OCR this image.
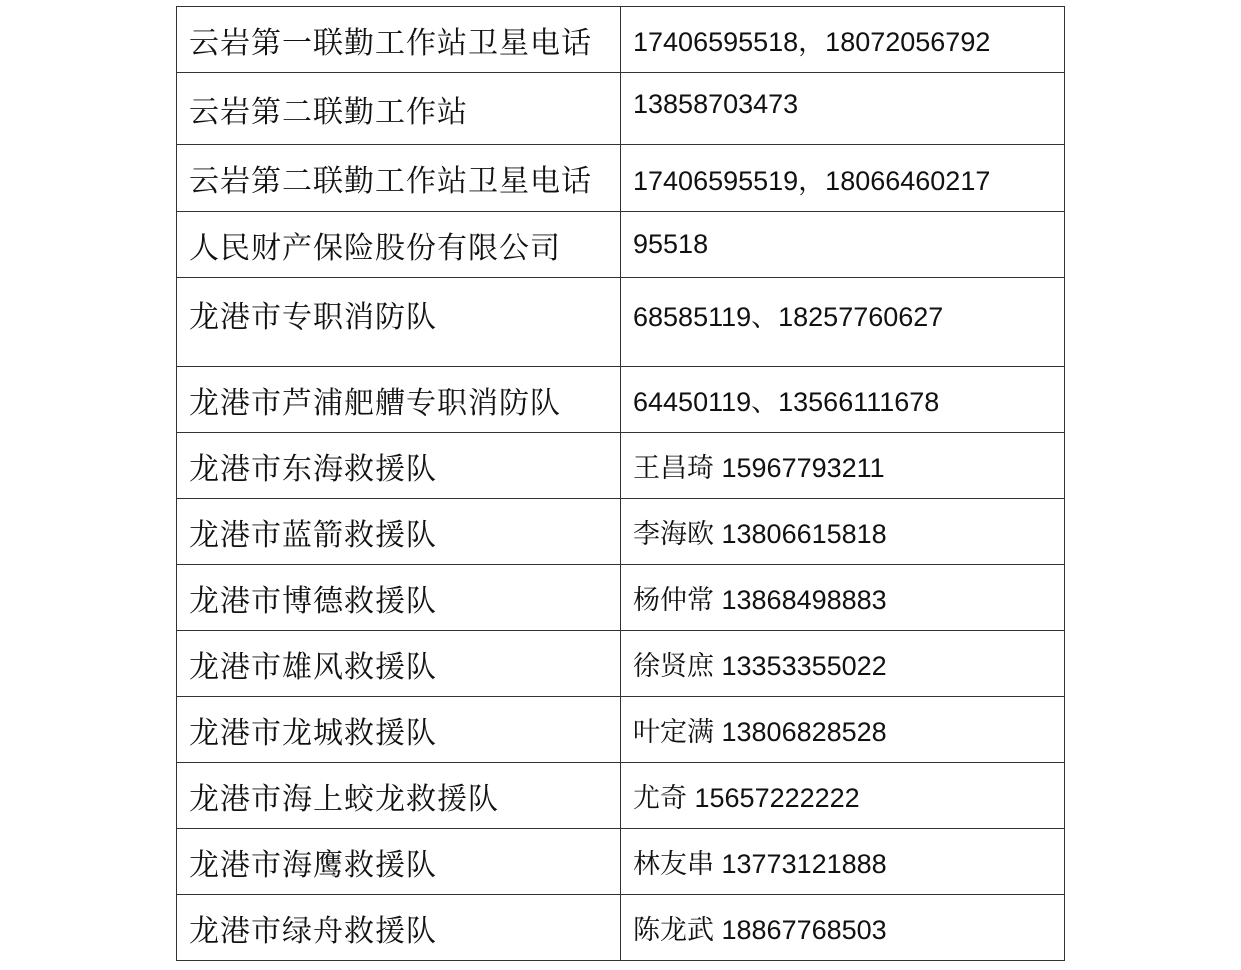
云岩第一联勤工作站卫星电话	17406595518，18072056792
云岩第二联勤工作站	13858703473
云岩第二联勤工作站卫星电话	17406595519，18066460217
人民财产保险股份有限公司	95518
龙港市专职消防队	68585119、18257760627
龙港市芦浦舥艚专职消防队	64450119、13566111678
龙港市东海救援队	王昌琦 15967793211
龙港市蓝箭救援队	李海欧 13806615818
龙港市博德救援队	杨仲常 13868498883
龙港市雄风救援队	徐贤庶 13353355022
龙港市龙城救援队	叶定满 13806828528
龙港市海上蛟龙救援队	尤奇 15657222222
龙港市海鹰救援队	林友串 13773121888
龙港市绿舟救援队	陈龙武 18867768503
